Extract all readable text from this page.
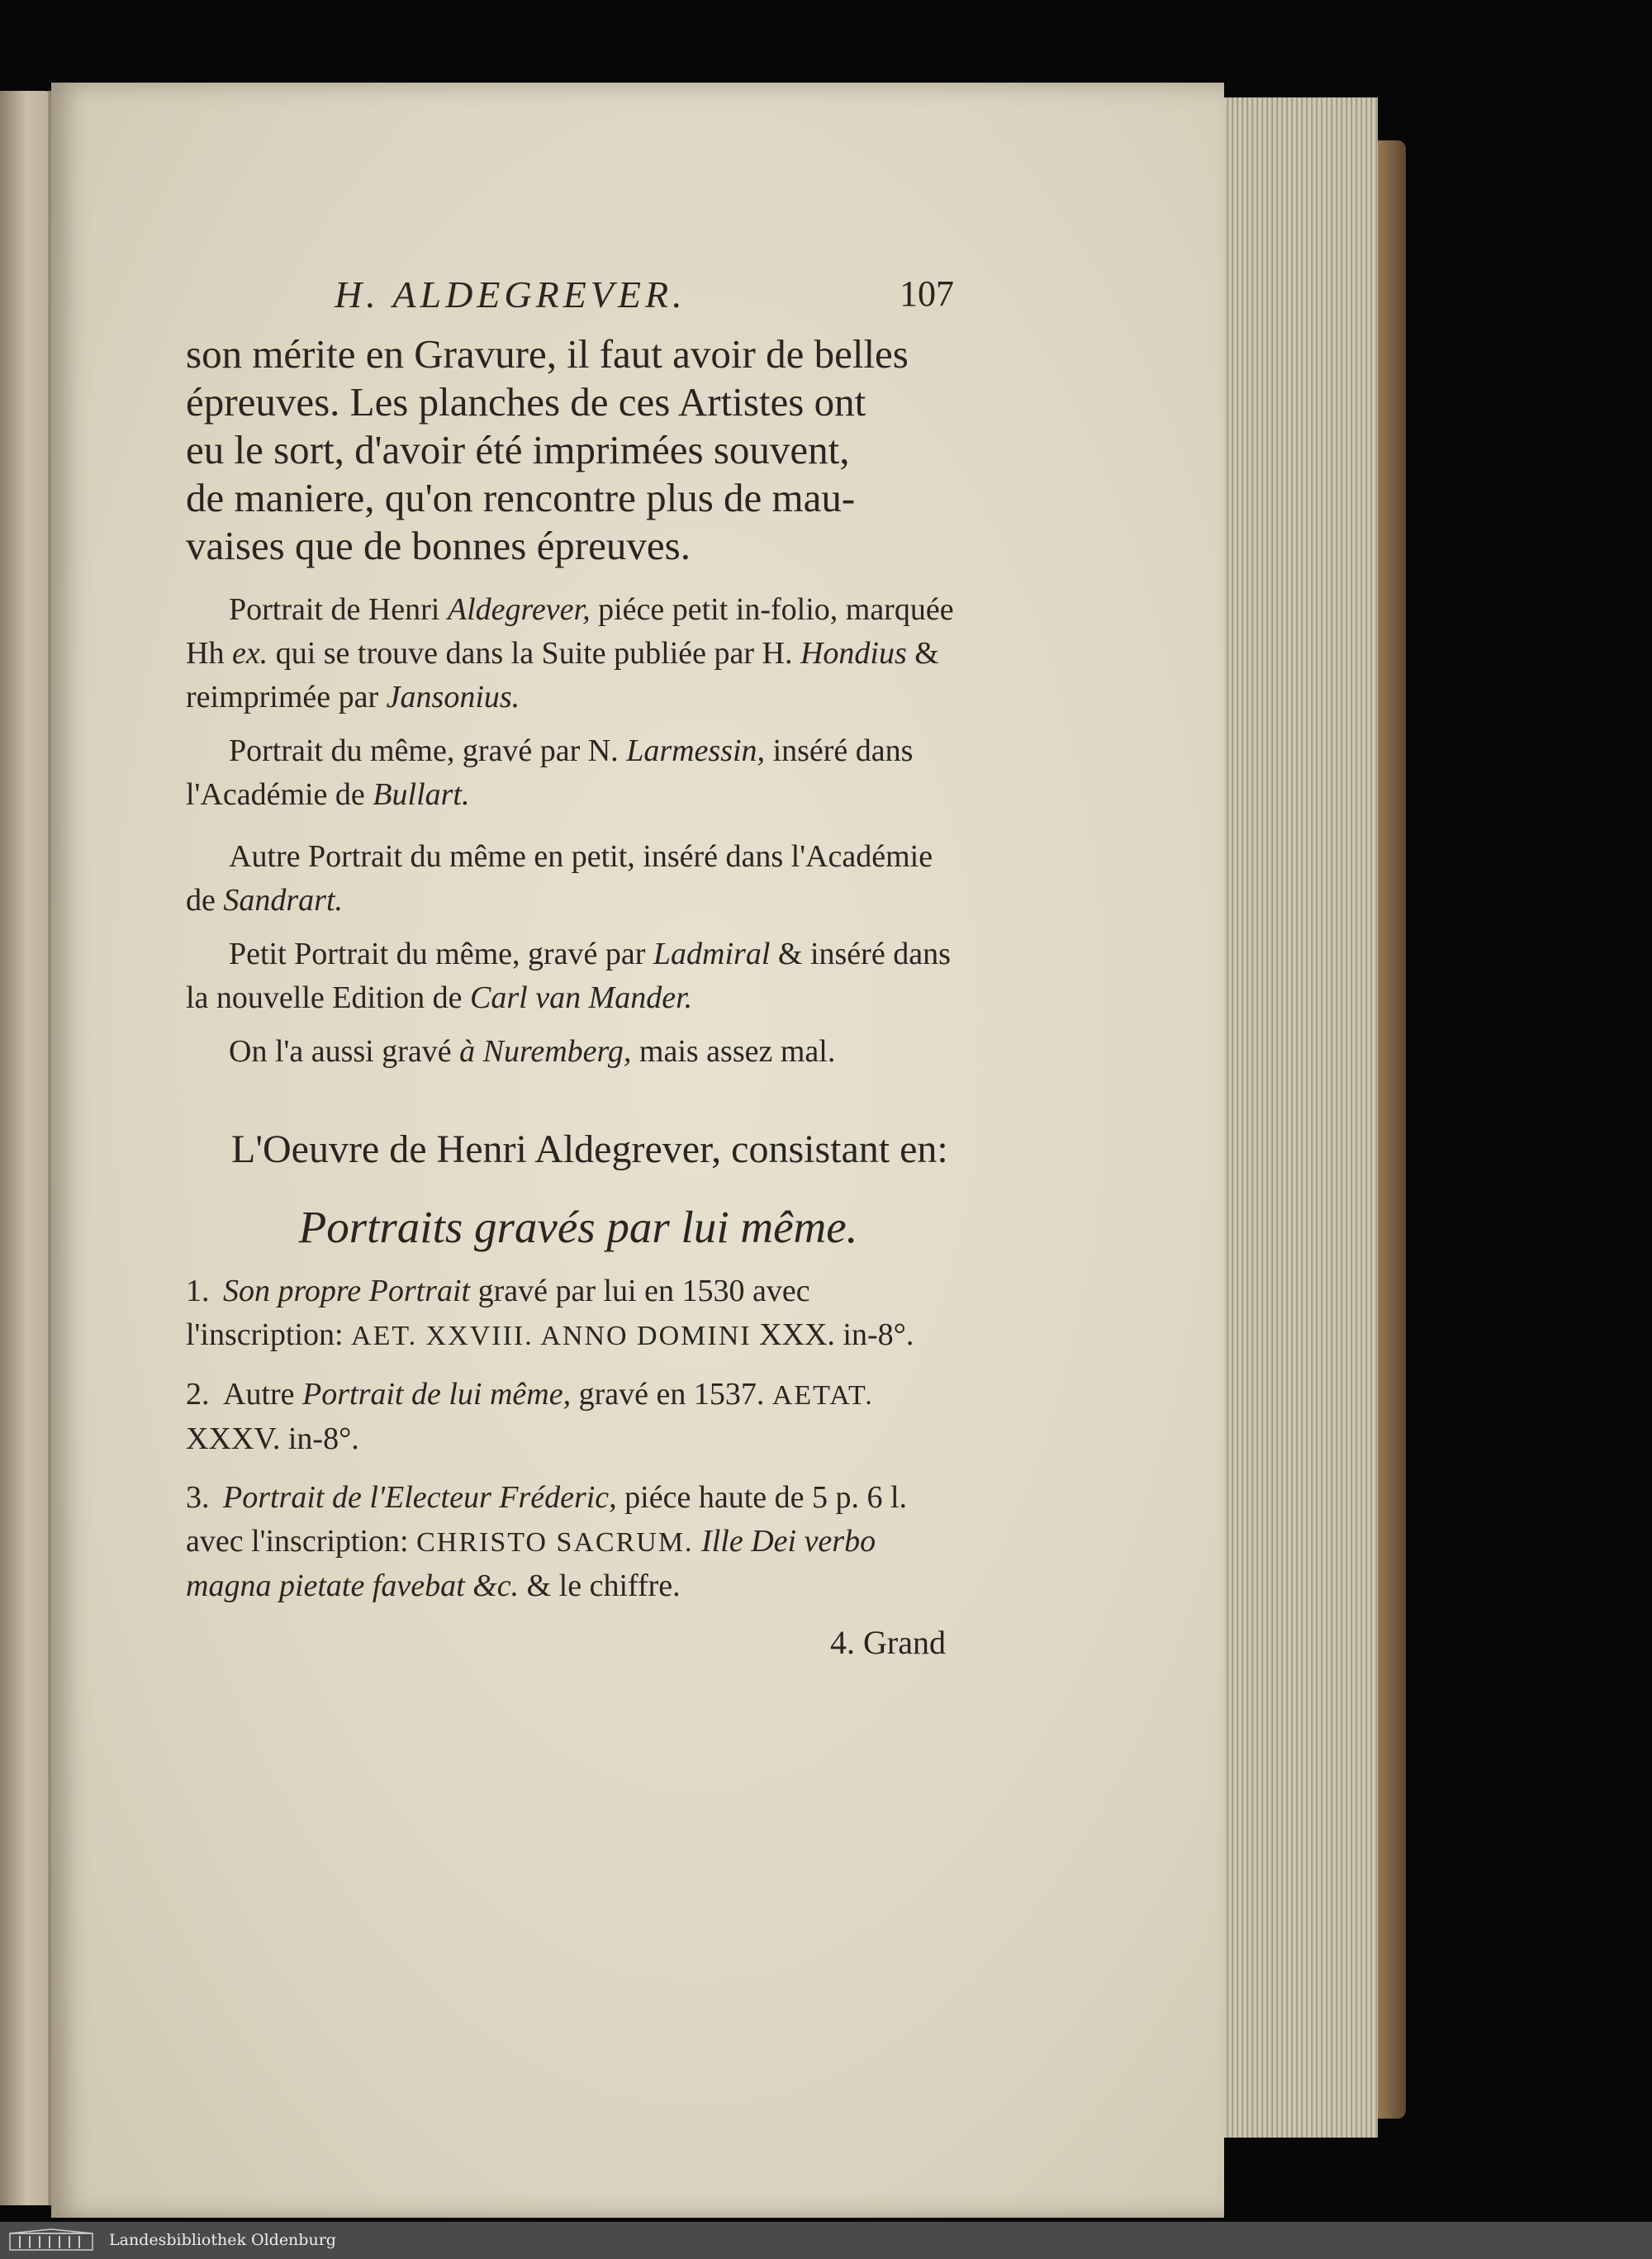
H. ALDEGREVER.	107

son mérite en Gravure, il faut avoir de belles

épreuves. Les planches de ces Artistes ont

eu le sort, d'avoir été imprimées souvent,

de maniere, qu'on rencontre plus de mau-

vaises que de bonnes épreuves.

Portrait de Henri Aldegrever, piéce petit in-folio, marquée Hh ex. qui se trouve dans la Suite publiée par H. Hondius & reimprimée par Jansonius.

Portrait du même, gravé par N. Larmessin, inséré dans l'Académie de Bullart.

Autre Portrait du même en petit, inséré dans l'Académie de Sandrart.

Petit Portrait du même, gravé par Ladmiral & inséré dans la nouvelle Edition de Carl van Mander.

On l'a aussi gravé à Nuremberg, mais assez mal.

L'Oeuvre de Henri Aldegrever, consistant en:

Portraits gravés par lui même.

1. Son propre Portrait gravé par lui en 1530 avec l'inscription: AET. XXVIII. ANNO DOMINI XXX. in-8°.

2. Autre Portrait de lui même, gravé en 1537. AETAT. XXXV. in-8°.

3. Portrait de l'Electeur Fréderic, piéce haute de 5 p. 6 l. avec l'inscription: CHRISTO SACRUM. Ille Dei verbo magna pietate favebat &c. & le chiffre.

4. Grand
Landesbibliothek Oldenburg
